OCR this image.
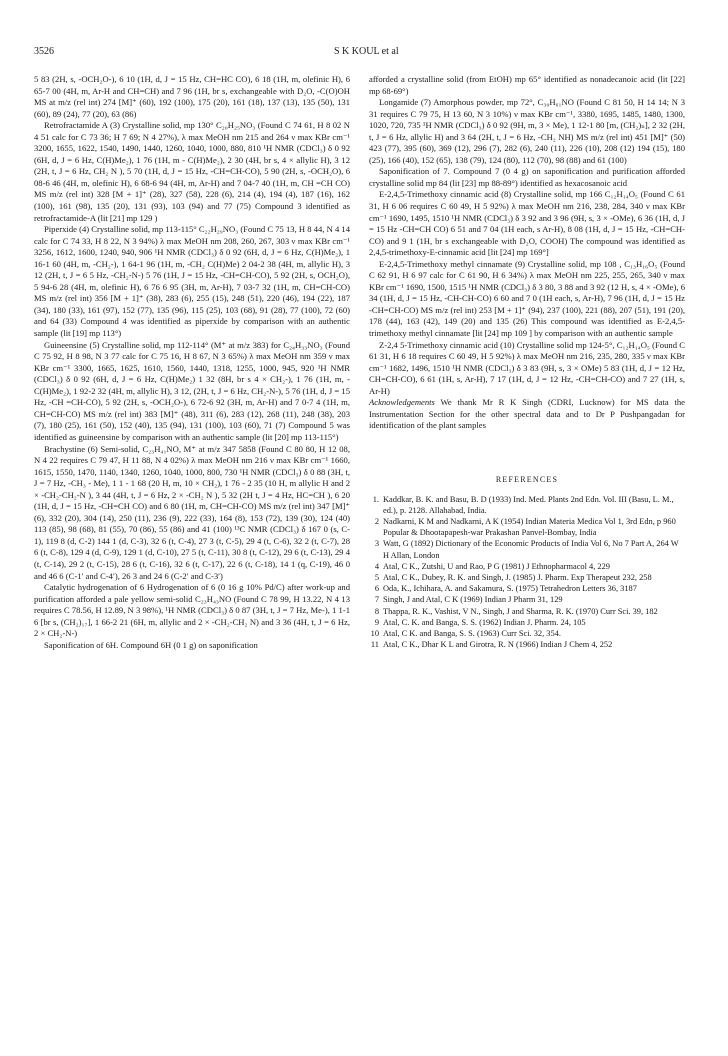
3526	S K KOUL et al

5 83 (2H, s, -OCH₂O-), 6 10 (1H, d, J = 15 Hz, CH=HC CO), 6 18 (1H, m, olefinic H), 6 65-7 00 (4H, m, Ar-H and CH=CH) and 7 96 (1H, br s, exchangeable with D₂O, -C(O)OH MS at m/z (rel int) 274 [M]⁺ (60), 192 (100), 175 (20), 161 (18), 137 (13), 135 (50), 131 (60), 89 (24), 77 (20), 63 (86)

Retrofractamide A (3) Crystalline solid, mp 130° C₂₀H₂₅NO₃ (Found C 74 61, H 8 02 N 4 51 calc for C 73 36; H 7 69; N 4 27%), λ max MeOH nm 215 and 264 ν max KBr cm⁻¹ 3200, 1655, 1622, 1540, 1490, 1440, 1260, 1040, 1000, 880, 810 ¹H NMR (CDCl₃) δ 0 92 (6H, d, J = 6 Hz, C(H)Me₂), 1 76 (1H, m - C(H)Me₂), 2 30 (4H, br s, 4 × allylic H), 3 12 (2H, t, J = 6 Hz, CH₂ N ), 5 70 (1H, d, J = 15 Hz, -CH=CH-CO), 5 90 (2H, s, -OCH₂O), 6 08-6 46 (4H, m, olefinic H), 6 68-6 94 (4H, m, Ar-H) and 7 04-7 40 (1H, m, CH =CH CO) MS m/z (rel int) 328 [M + 1]⁺ (28), 327 (58), 228 (6), 214 (4), 194 (4), 187 (16), 162 (100), 161 (98), 135 (20), 131 (93), 103 (94) and 77 (75) Compound 3 identified as retrofractamide-A (lit [21] mp 129 )

Piperxide (4) Crystalline solid, mp 113-115° C₂₂H₂₉NO₃ (Found C 75 13, H 8 44, N 4 14 calc for C 74 33, H 8 22, N 3 94%) λ max MeOH nm 208, 260, 267, 303 ν max KBr cm⁻¹ 3256, 1612, 1600, 1240, 940, 906 ¹H NMR (CDCl₃) δ 0 92 (6H, d, J = 6 Hz, C(H)Me₂), 1 16-1 60 (4H, m, -CH₂-), 1 64-1 96 (1H, m, -CH₂ C(H)Me) 2 04-2 38 (4H, m, allylic H), 3 12 (2H, t, J = 6 5 Hz, -CH₂-N-) 5 76 (1H, J = 15 Hz, -CH=CH-CO), 5 92 (2H, s, OCH₂O), 5 94-6 28 (4H, m, olefinic H), 6 76 6 95 (3H, m, Ar-H), 7 03-7 32 (1H, m, CH=CH-CO) MS m/z (rel int) 356 [M + 1]⁺ (38), 283 (6), 255 (15), 248 (51), 220 (46), 194 (22), 187 (34), 180 (33), 161 (97), 152 (77), 135 (96), 115 (25), 103 (68), 91 (28), 77 (100), 72 (60) and 64 (33) Compound 4 was identified as piperxide by comparison with an authentic sample (lit [19] mp 113°)

Guineensine (5) Crystalline solid, mp 112-114° (M⁺ at m/z 383) for C₂₄H₃₃NO₃ (Found C 75 92, H 8 98, N 3 77 calc for C 75 16, H 8 67, N 3 65%) λ max MeOH nm 359 ν max KBr cm⁻¹ 3300, 1665, 1625, 1610, 1560, 1440, 1318, 1255, 1000, 945, 920 ¹H NMR (CDCl₃) δ 0 92 (6H, d, J = 6 Hz, C(H)Me₂) 1 32 (8H, br s 4 × CH₂-), 1 76 (1H, m, -C(H)Me₂), 1 92-2 32 (4H, m, allylic H), 3 12, (2H, t, J = 6 Hz, CH₂-N-), 5 76 (1H, d, J = 15 Hz, -CH =CH-CO), 5 92 (2H, s, -OCH₂O-), 6 72-6 92 (3H, m, Ar-H) and 7 0-7 4 (1H, m, CH=CH-CO) MS m/z (rel int) 383 [M]⁺ (48), 311 (6), 283 (12), 268 (11), 248 (38), 203 (7), 180 (25), 161 (50), 152 (40), 135 (94), 131 (100), 103 (60), 71 (7) Compound 5 was identified as guineensine by comparison with an authentic sample (lit [20] mp 113-115°)

Brachystine (6) Semi-solid, C₂₃H₄₁NO, M⁺ at m/z 347 5858 (Found C 80 80, H 12 08, N 4 22 requires C 79 47, H 11 88, N 4 02%) λ max MeOH nm 216 ν max KBr cm⁻¹ 1660, 1615, 1550, 1470, 1140, 1340, 1260, 1040, 1000, 800, 730 ¹H NMR (CDCl₃) δ 0 88 (3H, t, J = 7 Hz, -CH₃ - Me), 1 1 - 1 68 (20 H, m, 10 × CH₂), 1 76 - 2 35 (10 H, m allylic H and 2 × -CH₂-CH₂-N ), 3 44 (4H, t, J = 6 Hz, 2 × -CH₂ N ), 5 32 (2H t, J = 4 Hz, HC=CH ), 6 20 (1H, d, J = 15 Hz, -CH=CH CO) and 6 80 (1H, m, CH=CH-CO) MS m/z (rel int) 347 [M]⁺ (6), 332 (20), 304 (14), 250 (11), 236 (9), 222 (33), 164 (8), 153 (72), 139 (30), 124 (40) 113 (85), 98 (68), 81 (55), 70 (86), 55 (86) and 41 (100) ¹³C NMR (CDCl₃) δ 167 0 (s, C-1), 119 8 (d, C-2) 144 1 (d, C-3), 32 6 (t, C-4), 27 3 (t, C-5), 29 4 (t, C-6), 32 2 (t, C-7), 28 6 (t, C-8), 129 4 (d, C-9), 129 1 (d, C-10), 27 5 (t, C-11), 30 8 (t, C-12), 29 6 (t, C-13), 29 4 (t, C-14), 29 2 (t, C-15), 28 6 (t, C-16), 32 6 (t, C-17), 22 6 (t, C-18), 14 1 (q, C-19), 46 0 and 46 6 (C-1′ and C-4′), 26 3 and 24 6 (C-2′ and C-3′)

Catalytic hydrogenation of 6 Hydrogenation of 6 (0 16 g 10% Pd/C) after work-up and purification afforded a pale yellow semi-solid C₂₃H₄₃NO (Found C 78 99, H 13.22, N 4 13 requires C 78.56, H 12.89, N 3 98%), ¹H NMR (CDCl₃) δ 0 87 (3H, t, J = 7 Hz, Me-), 1 1-1 6 [br s, (CH₂)₁₇], 1 66-2 21 (6H, m, allylic and 2 × -CH₂-CH₂ N) and 3 36 (4H, t, J = 6 Hz, 2 × CH₂-N-)

Saponification of 6H. Compound 6H (0 1 g) on saponification

afforded a crystalline solid (from EtOH) mp 65° identified as nonadecanoic acid (lit [22] mp 68-69°)

Longamide (7) Amorphous powder, mp 72°, C₃₀H₆₁NO (Found C 81 50, H 14 14; N 3 31 requires C 79 75, H 13 60, N 3 10%) ν max KBr cm⁻¹, 3380, 1695, 1485, 1480, 1300, 1020, 720, 735 ¹H NMR (CDCl₃) δ 0 92 (9H, m, 3 × Me), 1 12-1 80 [m, (CH₂)ₙ], 2 32 (2H, t, J = 6 Hz, allylic H) and 3 64 (2H, t, J = 6 Hz, -CH₂ NH) MS m/z (rel int) 451 [M]⁺ (50) 423 (77), 395 (60), 369 (12), 296 (7), 282 (6), 240 (11), 226 (10), 208 (12) 194 (15), 180 (25), 166 (40), 152 (65), 138 (79), 124 (80), 112 (70), 98 (88) and 61 (100)

Saponification of 7. Compound 7 (0 4 g) on saponification and purification afforded crystalline solid mp 84 (lit [23] mp 88-89°) identified as hexacosanoic acid

E-2,4,5-Trimethoxy cinnamic acid (8) Crystalline solid, mp 166 C₁₂H₁₄O₅ (Found C 61 31, H 6 06 requires C 60 49, H 5 92%) λ max MeOH nm 216, 238, 284, 340 ν max KBr cm⁻¹ 1690, 1495, 1510 ¹H NMR (CDCl₃) δ 3 92 and 3 96 (9H, s, 3 × -OMe), 6 36 (1H, d, J = 15 Hz -CH=CH CO) 6 51 and 7 04 (1H each, s Ar-H), 8 08 (1H, d, J = 15 Hz, -CH=CH-CO) and 9 1 (1H, br s exchangeable with D₂O, COOH) The compound was identified as 2,4,5-trimethoxy-E-cinnamic acid [lit [24] mp 169°]

E-2,4,5-Trimethoxy methyl cinnamate (9) Crystalline solid, mp 108 , C₁₃H₁₆O₅ (Found C 62 91, H 6 97 calc for C 61 90, H 6 34%) λ max MeOH nm 225, 255, 265, 340 ν max KBr cm⁻¹ 1690, 1500, 1515 ¹H NMR (CDCl₃) δ 3 80, 3 88 and 3 92 (12 H, s, 4 × -OMe), 6 34 (1H, d, J = 15 Hz, -CH-CH-CO) 6 60 and 7 0 (1H each, s, Ar-H), 7 96 (1H, d, J = 15 Hz -CH=CH-CO) MS m/z (rel int) 253 [M + 1]⁺ (94), 237 (100), 221 (88), 207 (51), 191 (20), 178 (44), 163 (42), 149 (20) and 135 (26) This compound was identified as E-2,4,5-trimethoxy methyl cinnamate [lit [24] mp 109 ] by comparison with an authentic sample

Z-2,4 5-Trimethoxy cinnamic acid (10) Crystalline solid mp 124-5°, C₁₂H₁₄O₅ (Found C 61 31, H 6 18 requires C 60 49, H 5 92%) λ max MeOH nm 216, 235, 280, 335 ν max KBr cm⁻¹ 1682, 1496, 1510 ¹H NMR (CDCl₃) δ 3 83 (9H, s, 3 × OMe) 5 83 (1H, d, J = 12 Hz, CH=CH-CO), 6 61 (1H, s, Ar-H), 7 17 (1H, d, J = 12 Hz, -CH=CH-CO) and 7 27 (1H, s, Ar-H)

Acknowledgements We thank Mr R K Singh (CDRI, Lucknow) for MS data the Instrumentation Section for the other spectral data and to Dr P Pushpangadan for identification of the plant samples

REFERENCES
1. Kaddkar, B. K. and Basu, B. D (1933) Ind. Med. Plants 2nd Edn. Vol. III (Basu, L. M., ed.), p. 2128. Allahabad, India.
2 Nadkarni, K M and Nadkarni, A K (1954) Indian Materia Medica Vol 1, 3rd Edn, p 960 Popular & Dhootapapesh-war Prakashan Panvel-Bombay, India
3 Watt, G (1892) Dictionary of the Economic Products of India Vol 6, No 7 Part A, 264 W H Allan, London
4 Atal, C K., Zutshi, U and Rao, P G (1981) J Ethnopharmacol 4, 229
5 Atal, C K., Dubey, R. K. and Singh, J. (1985) J. Pharm. Exp Therapeut 232, 258
6 Oda, K., Ichihara, A. and Sakamura, S. (1975) Tetrahedron Letters 36, 3187
7 Singh, J and Atal, C K (1969) Indian J Pharm 31, 129
8 Thappa, R. K., Vashist, V N., Singh, J and Sharma, R. K. (1970) Curr Sci. 39, 182
9 Atal, C. K. and Banga, S. S. (1962) Indian J. Pharm. 24, 105
10 Atal, C K. and Banga, S. S. (1963) Curr Sci. 32, 354.
11 Atal, C K., Dhar K L and Girotra, R. N (1966) Indian J Chem 4, 252
